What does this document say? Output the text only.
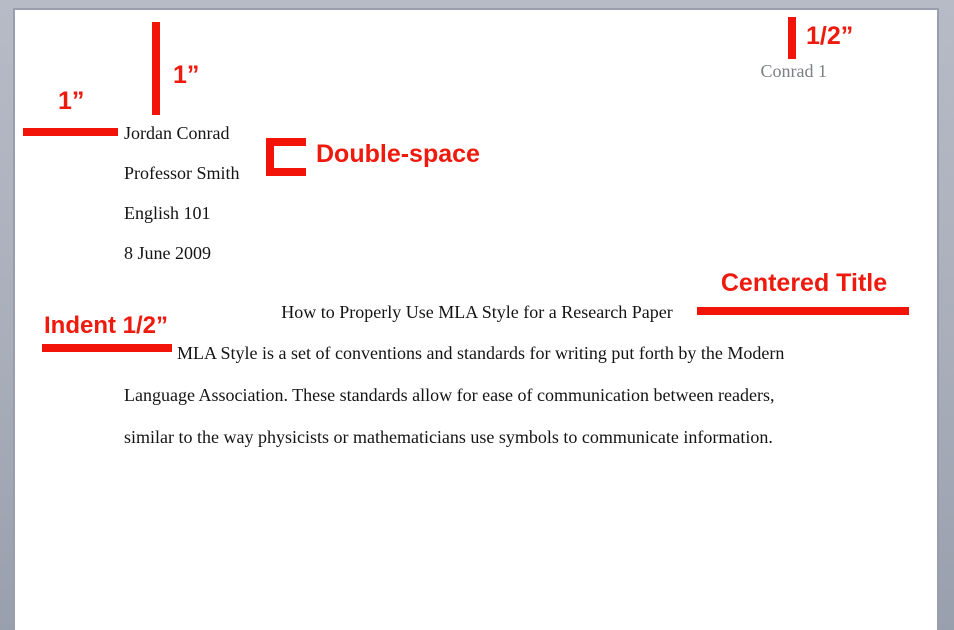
Conrad 1
1/2”
1”
1”
Jordan Conrad
Professor Smith
English 101
8 June 2009
Double-space
How to Properly Use MLA Style for a Research Paper
Centered Title
Indent 1/2”
MLA Style is a set of conventions and standards for writing put forth by the Modern
Language Association. These standards allow for ease of communication between readers,
similar to the way physicists or mathematicians use symbols to communicate information.
